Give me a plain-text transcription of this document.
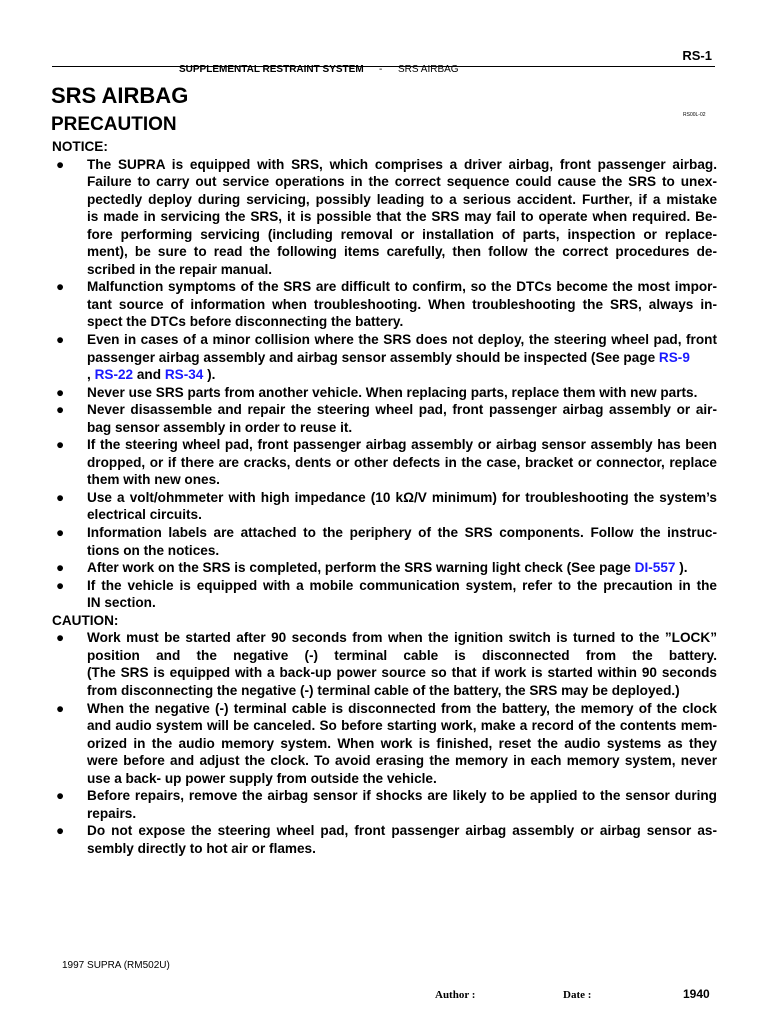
RS-1
SUPPLEMENTAL RESTRAINT SYSTEM - SRS AIRBAG
SRS AIRBAG
PRECAUTION	RS00L-02

NOTICE:

● The SUPRA is equipped with SRS, which comprises a driver airbag, front passenger airbag.
Failure to carry out service operations in the correct sequence could cause the SRS to unex-
pectedly deploy during servicing, possibly leading to a serious accident. Further, if a mistake
is made in servicing the SRS, it is possible that the SRS may fail to operate when required. Be-
fore performing servicing (including removal or installation of parts, inspection or replace-
ment), be sure to read the following items carefully, then follow the correct procedures de-
scribed in the repair manual.
● Malfunction symptoms of the SRS are difficult to confirm, so the DTCs become the most impor-
tant source of information when troubleshooting. When troubleshooting the SRS, always in-
spect the DTCs before disconnecting the battery.
● Even in cases of a minor collision where the SRS does not deploy, the steering wheel pad, front
passenger airbag assembly and airbag sensor assembly should be inspected (See page RS-9
, RS-22 and RS-34 ).
● Never use SRS parts from another vehicle. When replacing parts, replace them with new parts.
● Never disassemble and repair the steering wheel pad, front passenger airbag assembly or air-
bag sensor assembly in order to reuse it.
● If the steering wheel pad, front passenger airbag assembly or airbag sensor assembly has been
dropped, or if there are cracks, dents or other defects in the case, bracket or connector, replace
them with new ones.
● Use a volt/ohmmeter with high impedance (10 kΩ/V minimum) for troubleshooting the system’s
electrical circuits.
● Information labels are attached to the periphery of the SRS components. Follow the instruc-
tions on the notices.
● After work on the SRS is completed, perform the SRS warning light check (See page DI-557 ).
● If the vehicle is equipped with a mobile communication system, refer to the precaution in the
IN section.

CAUTION:

● Work must be started after 90 seconds from when the ignition switch is turned to the ”LOCK”
position and the negative (-) terminal cable is disconnected from the battery.
(The SRS is equipped with a back-up power source so that if work is started within 90 seconds
from disconnecting the negative (-) terminal cable of the battery, the SRS may be deployed.)
● When the negative (-) terminal cable is disconnected from the battery, the memory of the clock
and audio system will be canceled. So before starting work, make a record of the contents mem-
orized in the audio memory system. When work is finished, reset the audio systems as they
were before and adjust the clock. To avoid erasing the memory in each memory system, never
use a back- up power supply from outside the vehicle.
● Before repairs, remove the airbag sensor if shocks are likely to be applied to the sensor during
repairs.
● Do not expose the steering wheel pad, front passenger airbag assembly or airbag sensor as-
sembly directly to hot air or flames.
1997 SUPRA (RM502U)
Author :	Date :	1940
